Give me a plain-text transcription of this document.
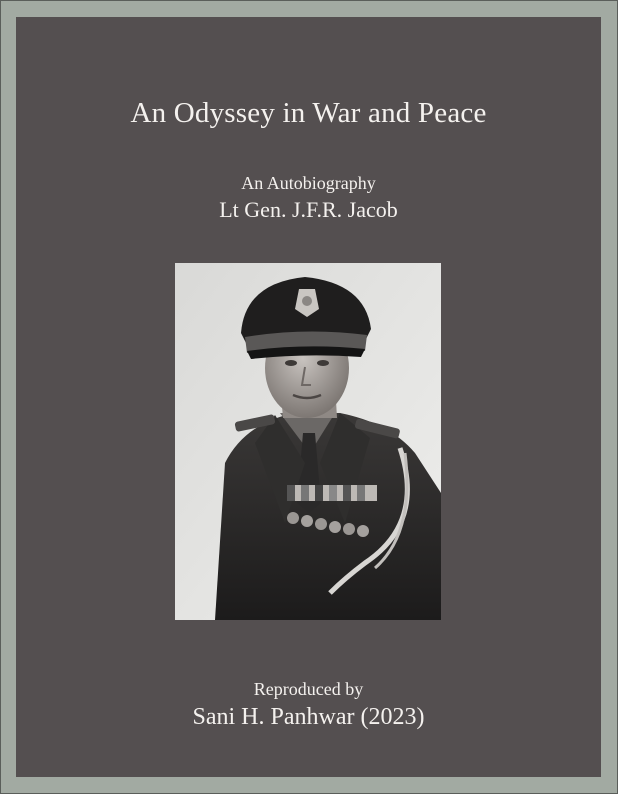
An Odyssey in War and Peace
An Autobiography
Lt Gen. J.F.R. Jacob
Reproduced by
Sani H. Panhwar (2023)
